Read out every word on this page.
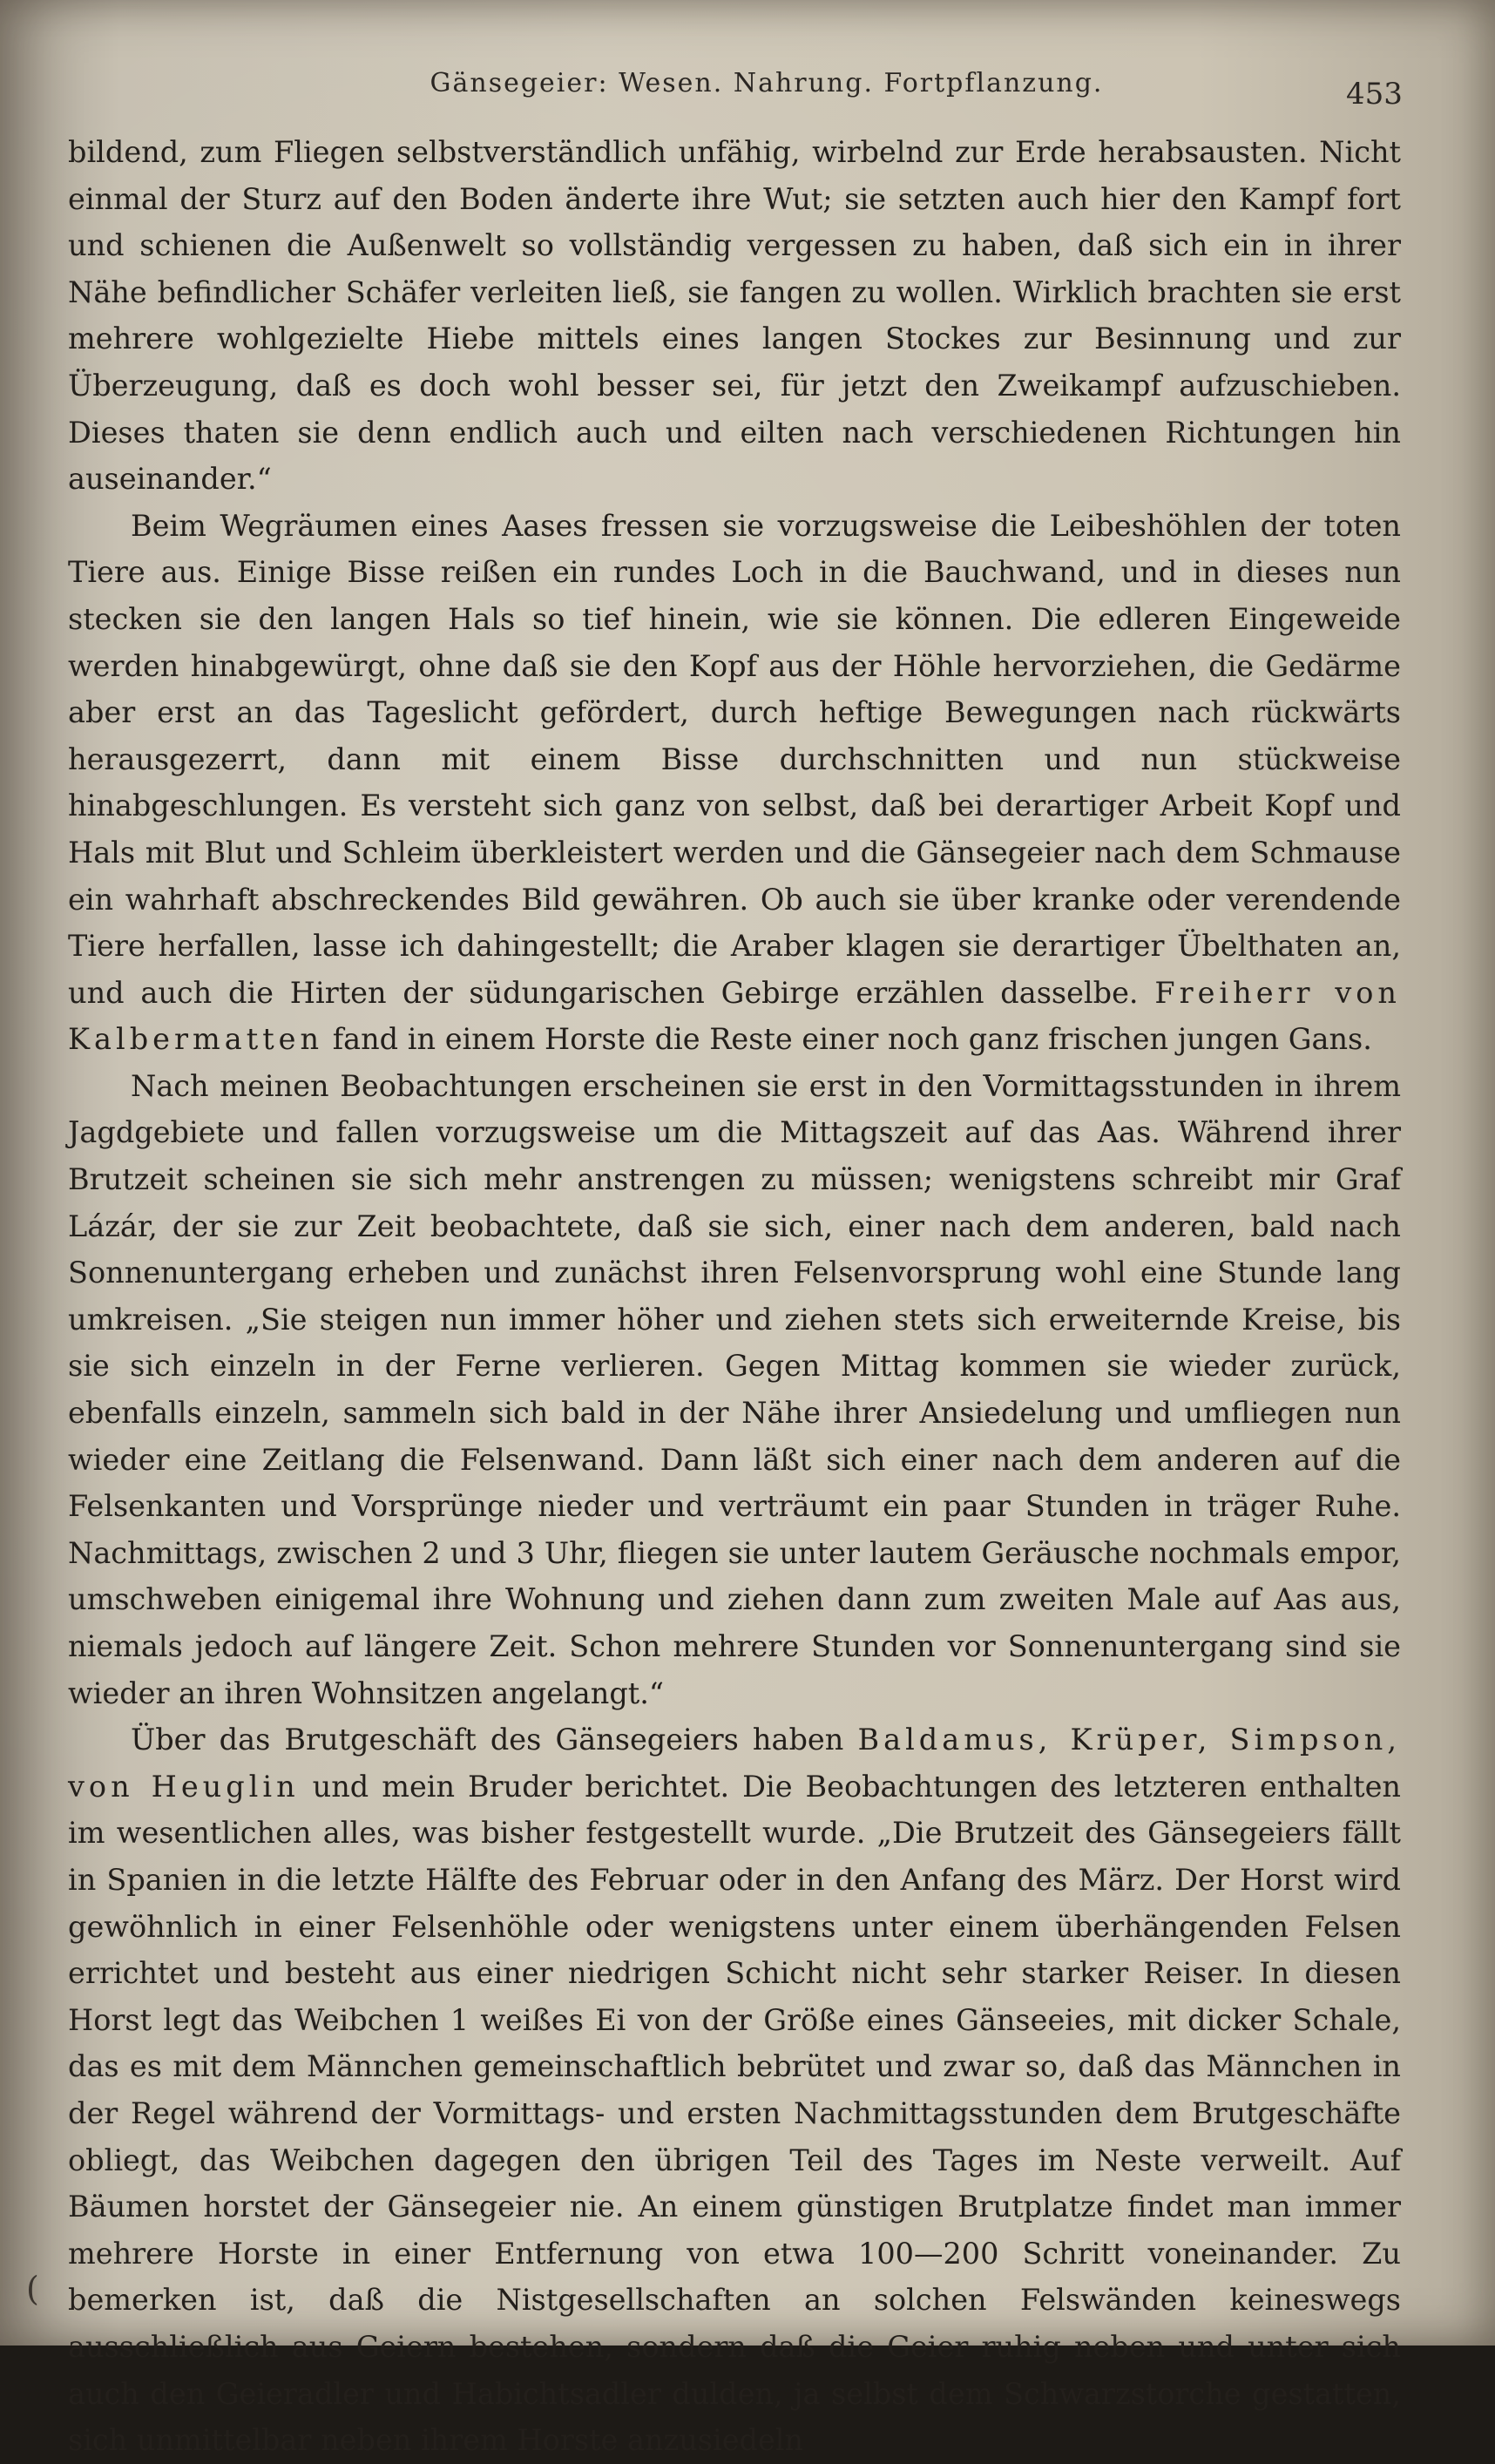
Gänsegeier: Wesen. Nahrung. Fortpflanzung.	453

bildend, zum Fliegen selbstverständlich unfähig, wirbelnd zur Erde herabsausten. Nicht einmal der Sturz auf den Boden änderte ihre Wut; sie setzten auch hier den Kampf fort und schienen die Außenwelt so vollständig vergessen zu haben, daß sich ein in ihrer Nähe befindlicher Schäfer verleiten ließ, sie fangen zu wollen. Wirklich brachten sie erst mehrere wohlgezielte Hiebe mittels eines langen Stockes zur Besinnung und zur Überzeugung, daß es doch wohl besser sei, für jetzt den Zweikampf aufzuschieben. Dieses thaten sie denn endlich auch und eilten nach verschiedenen Richtungen hin auseinander.“

Beim Wegräumen eines Aases fressen sie vorzugsweise die Leibeshöhlen der toten Tiere aus. Einige Bisse reißen ein rundes Loch in die Bauchwand, und in dieses nun stecken sie den langen Hals so tief hinein, wie sie können. Die edleren Eingeweide werden hinabgewürgt, ohne daß sie den Kopf aus der Höhle hervorziehen, die Gedärme aber erst an das Tageslicht gefördert, durch heftige Bewegungen nach rückwärts herausgezerrt, dann mit einem Bisse durchschnitten und nun stückweise hinabgeschlungen. Es versteht sich ganz von selbst, daß bei derartiger Arbeit Kopf und Hals mit Blut und Schleim überkleistert werden und die Gänsegeier nach dem Schmause ein wahrhaft abschreckendes Bild gewähren. Ob auch sie über kranke oder verendende Tiere herfallen, lasse ich dahingestellt; die Araber klagen sie derartiger Übelthaten an, und auch die Hirten der südungarischen Gebirge erzählen dasselbe. Freiherr von Kalbermatten fand in einem Horste die Reste einer noch ganz frischen jungen Gans.

Nach meinen Beobachtungen erscheinen sie erst in den Vormittagsstunden in ihrem Jagdgebiete und fallen vorzugsweise um die Mittagszeit auf das Aas. Während ihrer Brutzeit scheinen sie sich mehr anstrengen zu müssen; wenigstens schreibt mir Graf Lázár, der sie zur Zeit beobachtete, daß sie sich, einer nach dem anderen, bald nach Sonnenuntergang erheben und zunächst ihren Felsenvorsprung wohl eine Stunde lang umkreisen. „Sie steigen nun immer höher und ziehen stets sich erweiternde Kreise, bis sie sich einzeln in der Ferne verlieren. Gegen Mittag kommen sie wieder zurück, ebenfalls einzeln, sammeln sich bald in der Nähe ihrer Ansiedelung und umfliegen nun wieder eine Zeitlang die Felsenwand. Dann läßt sich einer nach dem anderen auf die Felsenkanten und Vorsprünge nieder und verträumt ein paar Stunden in träger Ruhe. Nachmittags, zwischen 2 und 3 Uhr, fliegen sie unter lautem Geräusche nochmals empor, umschweben einigemal ihre Wohnung und ziehen dann zum zweiten Male auf Aas aus, niemals jedoch auf längere Zeit. Schon mehrere Stunden vor Sonnenuntergang sind sie wieder an ihren Wohnsitzen angelangt.“

Über das Brutgeschäft des Gänsegeiers haben Baldamus, Krüper, Simpson, von Heuglin und mein Bruder berichtet. Die Beobachtungen des letzteren enthalten im wesentlichen alles, was bisher festgestellt wurde. „Die Brutzeit des Gänsegeiers fällt in Spanien in die letzte Hälfte des Februar oder in den Anfang des März. Der Horst wird gewöhnlich in einer Felsenhöhle oder wenigstens unter einem überhängenden Felsen errichtet und besteht aus einer niedrigen Schicht nicht sehr starker Reiser. In diesen Horst legt das Weibchen 1 weißes Ei von der Größe eines Gänseeies, mit dicker Schale, das es mit dem Männchen gemeinschaftlich bebrütet und zwar so, daß das Männchen in der Regel während der Vormittags- und ersten Nachmittagsstunden dem Brutgeschäfte obliegt, das Weibchen dagegen den übrigen Teil des Tages im Neste verweilt. Auf Bäumen horstet der Gänsegeier nie. An einem günstigen Brutplatze findet man immer mehrere Horste in einer Entfernung von etwa 100—200 Schritt voneinander. Zu bemerken ist, daß die Nistgesellschaften an solchen Felswänden keineswegs ausschließlich aus Geiern bestehen, sondern daß die Geier ruhig neben und unter sich auch den Geieradler und Habichtsadler dulden, ja selbst dem Schwarzstorche gestatten, sich unmittelbar neben ihrem Horste anzusiedeln

(
